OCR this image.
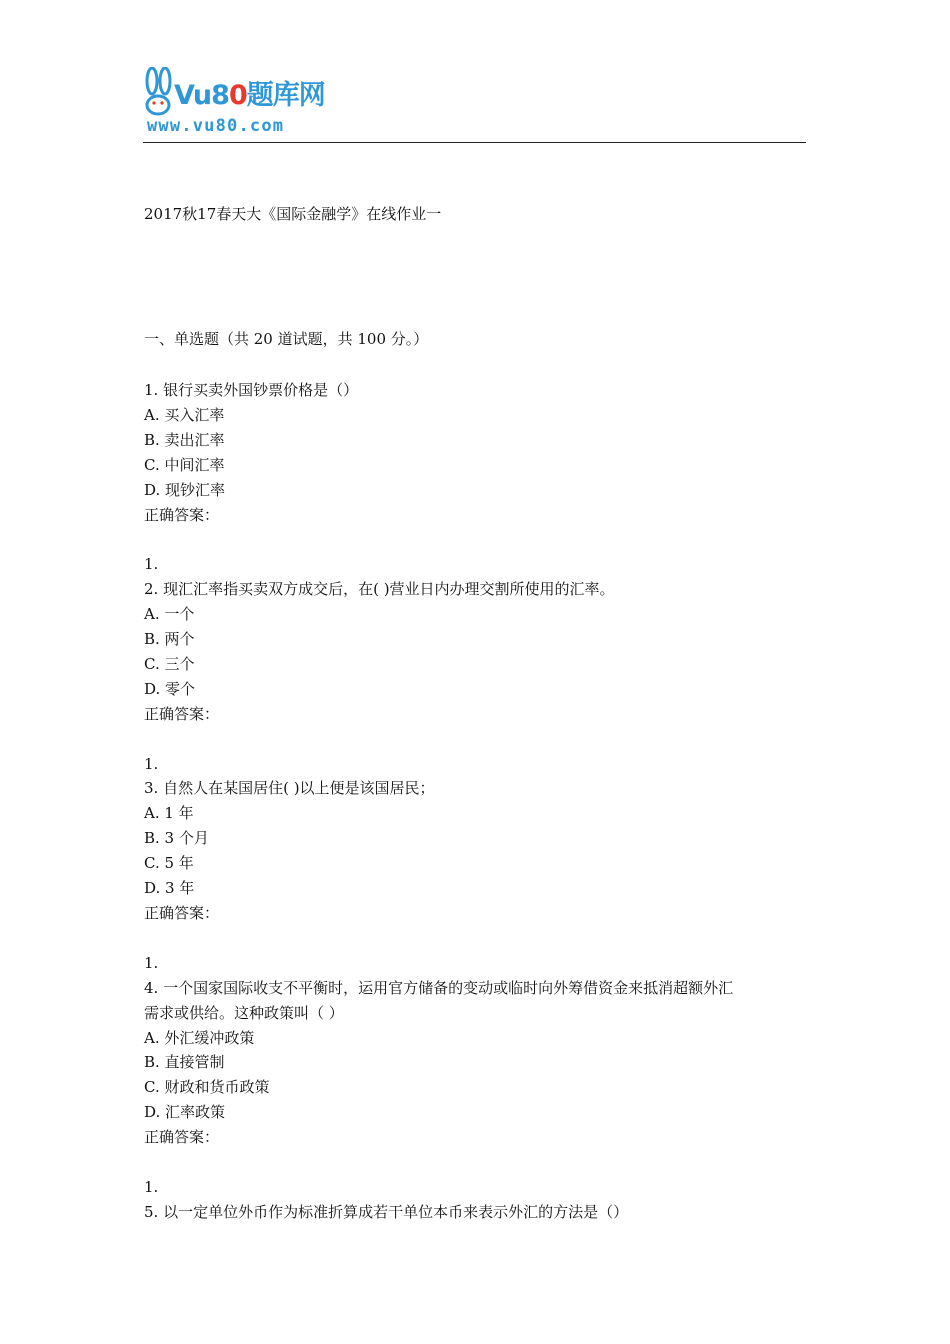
Vu80题库网
www.vu80.com
2017秋17春天大《国际金融学》在线作业一
一、单选题（共 20 道试题，共 100 分。）
1. 银行买卖外国钞票价格是（）
A. 买入汇率
B. 卖出汇率
C. 中间汇率
D. 现钞汇率
正确答案：
1.
2. 现汇汇率指买卖双方成交后，在( )营业日内办理交割所使用的汇率。
A. 一个
B. 两个
C. 三个
D. 零个
正确答案：
1.
3. 自然人在某国居住( )以上便是该国居民；
A. 1 年
B. 3 个月
C. 5 年
D. 3 年
正确答案：
1.
4. 一个国家国际收支不平衡时，运用官方储备的变动或临时向外筹借资金来抵消超额外汇
需求或供给。这种政策叫（ ）
A. 外汇缓冲政策
B. 直接管制
C. 财政和货币政策
D. 汇率政策
正确答案：
1.
5. 以一定单位外币作为标准折算成若干单位本币来表示外汇的方法是（）
